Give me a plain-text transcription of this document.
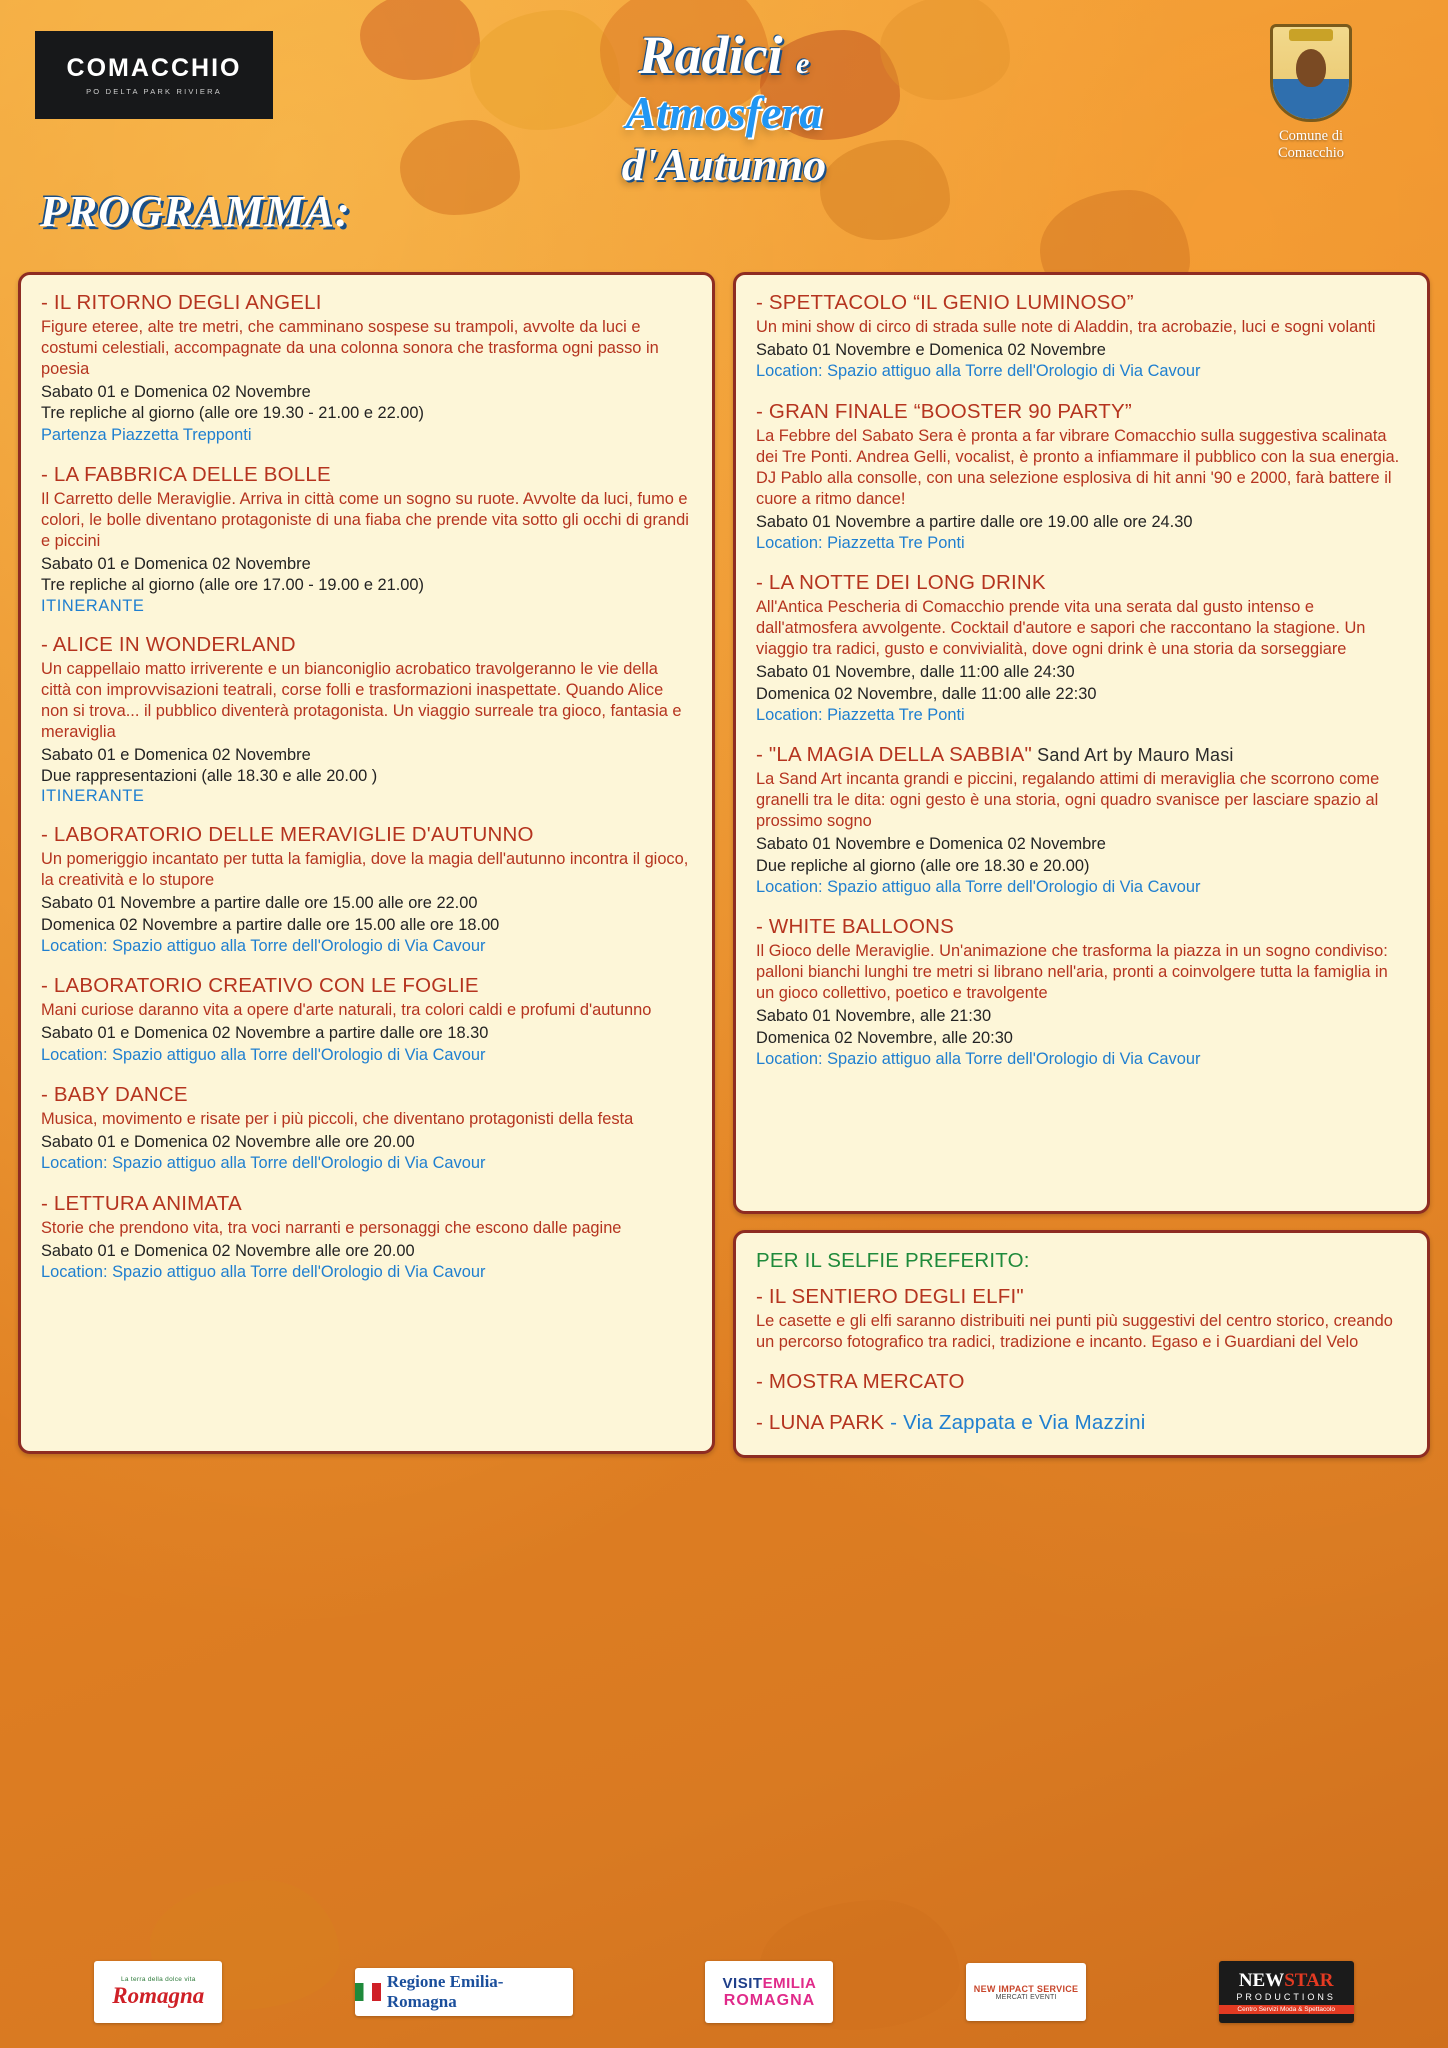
COMACCHIO
PO DELTA PARK RIVIERA
Radici e
Atmosfera
d'Autunno
Comune di
Comacchio
PROGRAMMA:
- IL RITORNO DEGLI ANGELI
Figure eteree, alte tre metri, che camminano sospese su trampoli, avvolte da luci e costumi celestiali, accompagnate da una colonna sonora che trasforma ogni passo in poesia
Sabato 01 e Domenica 02 Novembre
Tre repliche al giorno (alle ore 19.30 - 21.00 e 22.00)
Partenza Piazzetta Trepponti
- LA FABBRICA DELLE BOLLE
Il Carretto delle Meraviglie. Arriva in città come un sogno su ruote. Avvolte da luci, fumo e colori, le bolle diventano protagoniste di una fiaba che prende vita sotto gli occhi di grandi e piccini
Sabato 01 e Domenica 02 Novembre
Tre repliche al giorno (alle ore 17.00 - 19.00 e 21.00)
ITINERANTE
- ALICE IN WONDERLAND
Un cappellaio matto irriverente e un bianconiglio acrobatico travolgeranno le vie della città con improvvisazioni teatrali, corse folli e trasformazioni inaspettate. Quando Alice non si trova... il pubblico diventerà protagonista. Un viaggio surreale tra gioco, fantasia e meraviglia
Sabato 01 e Domenica 02 Novembre
Due rappresentazioni (alle 18.30 e alle 20.00 )
ITINERANTE
- LABORATORIO DELLE MERAVIGLIE D'AUTUNNO
Un pomeriggio incantato per tutta la famiglia, dove la magia dell'autunno incontra il gioco, la creatività e lo stupore
Sabato 01 Novembre a partire dalle ore 15.00 alle ore 22.00
Domenica 02 Novembre a partire dalle ore 15.00 alle ore 18.00
Location: Spazio attiguo alla Torre dell'Orologio di Via Cavour
- LABORATORIO CREATIVO CON LE FOGLIE
Mani curiose daranno vita a opere d'arte naturali, tra colori caldi e profumi d'autunno
Sabato 01 e Domenica 02 Novembre a partire dalle ore 18.30
Location: Spazio attiguo alla Torre dell'Orologio di Via Cavour
- BABY DANCE
Musica, movimento e risate per i più piccoli, che diventano protagonisti della festa
Sabato 01 e Domenica 02 Novembre alle ore 20.00
Location: Spazio attiguo alla Torre dell'Orologio di Via Cavour
- LETTURA ANIMATA
Storie che prendono vita, tra voci narranti e personaggi che escono dalle pagine
Sabato 01 e Domenica 02 Novembre alle ore 20.00
Location: Spazio attiguo alla Torre dell'Orologio di Via Cavour
- SPETTACOLO “IL GENIO LUMINOSO”
Un mini show di circo di strada sulle note di Aladdin, tra acrobazie, luci e sogni volanti
Sabato 01 Novembre e Domenica 02 Novembre
Location: Spazio attiguo alla Torre dell'Orologio di Via Cavour
- GRAN FINALE “BOOSTER 90 PARTY”
La Febbre del Sabato Sera è pronta a far vibrare Comacchio sulla suggestiva scalinata dei Tre Ponti. Andrea Gelli, vocalist, è pronto a infiammare il pubblico con la sua energia. DJ Pablo alla consolle, con una selezione esplosiva di hit anni '90 e 2000, farà battere il cuore a ritmo dance!
Sabato 01 Novembre a partire dalle ore 19.00 alle ore 24.30
Location: Piazzetta Tre Ponti
- LA NOTTE DEI LONG DRINK
All'Antica Pescheria di Comacchio prende vita una serata dal gusto intenso e dall'atmosfera avvolgente. Cocktail d'autore e sapori che raccontano la stagione. Un viaggio tra radici, gusto e convivialità, dove ogni drink è una storia da sorseggiare
Sabato 01 Novembre, dalle 11:00 alle 24:30
Domenica 02 Novembre, dalle 11:00 alle 22:30
Location: Piazzetta Tre Ponti
- "LA MAGIA DELLA SABBIA" Sand Art by Mauro Masi
La Sand Art incanta grandi e piccini, regalando attimi di meraviglia che scorrono come granelli tra le dita: ogni gesto è una storia, ogni quadro svanisce per lasciare spazio al prossimo sogno
Sabato 01 Novembre e Domenica 02 Novembre
Due repliche al giorno (alle ore 18.30 e 20.00)
Location: Spazio attiguo alla Torre dell'Orologio di Via Cavour
- WHITE BALLOONS
Il Gioco delle Meraviglie. Un'animazione che trasforma la piazza in un sogno condiviso: palloni bianchi lunghi tre metri si librano nell'aria, pronti a coinvolgere tutta la famiglia in un gioco collettivo, poetico e travolgente
Sabato 01 Novembre, alle 21:30
Domenica 02 Novembre, alle 20:30
Location: Spazio attiguo alla Torre dell'Orologio di Via Cavour
PER IL SELFIE PREFERITO:
- IL SENTIERO DEGLI ELFI"
Le casette e gli elfi saranno distribuiti nei punti più suggestivi del centro storico, creando un percorso fotografico tra radici, tradizione e incanto. Egaso e i Guardiani del Velo
- MOSTRA MERCATO
- LUNA PARK - Via Zappata e Via Mazzini
La terra della dolce vita
Romagna
Regione Emilia-Romagna
VISITEMILIA
ROMAGNA
NEW IMPACT SERVICE
MERCATI EVENTI
NEWSTAR
PRODUCTIONS
Centro Servizi Moda & Spettacolo
